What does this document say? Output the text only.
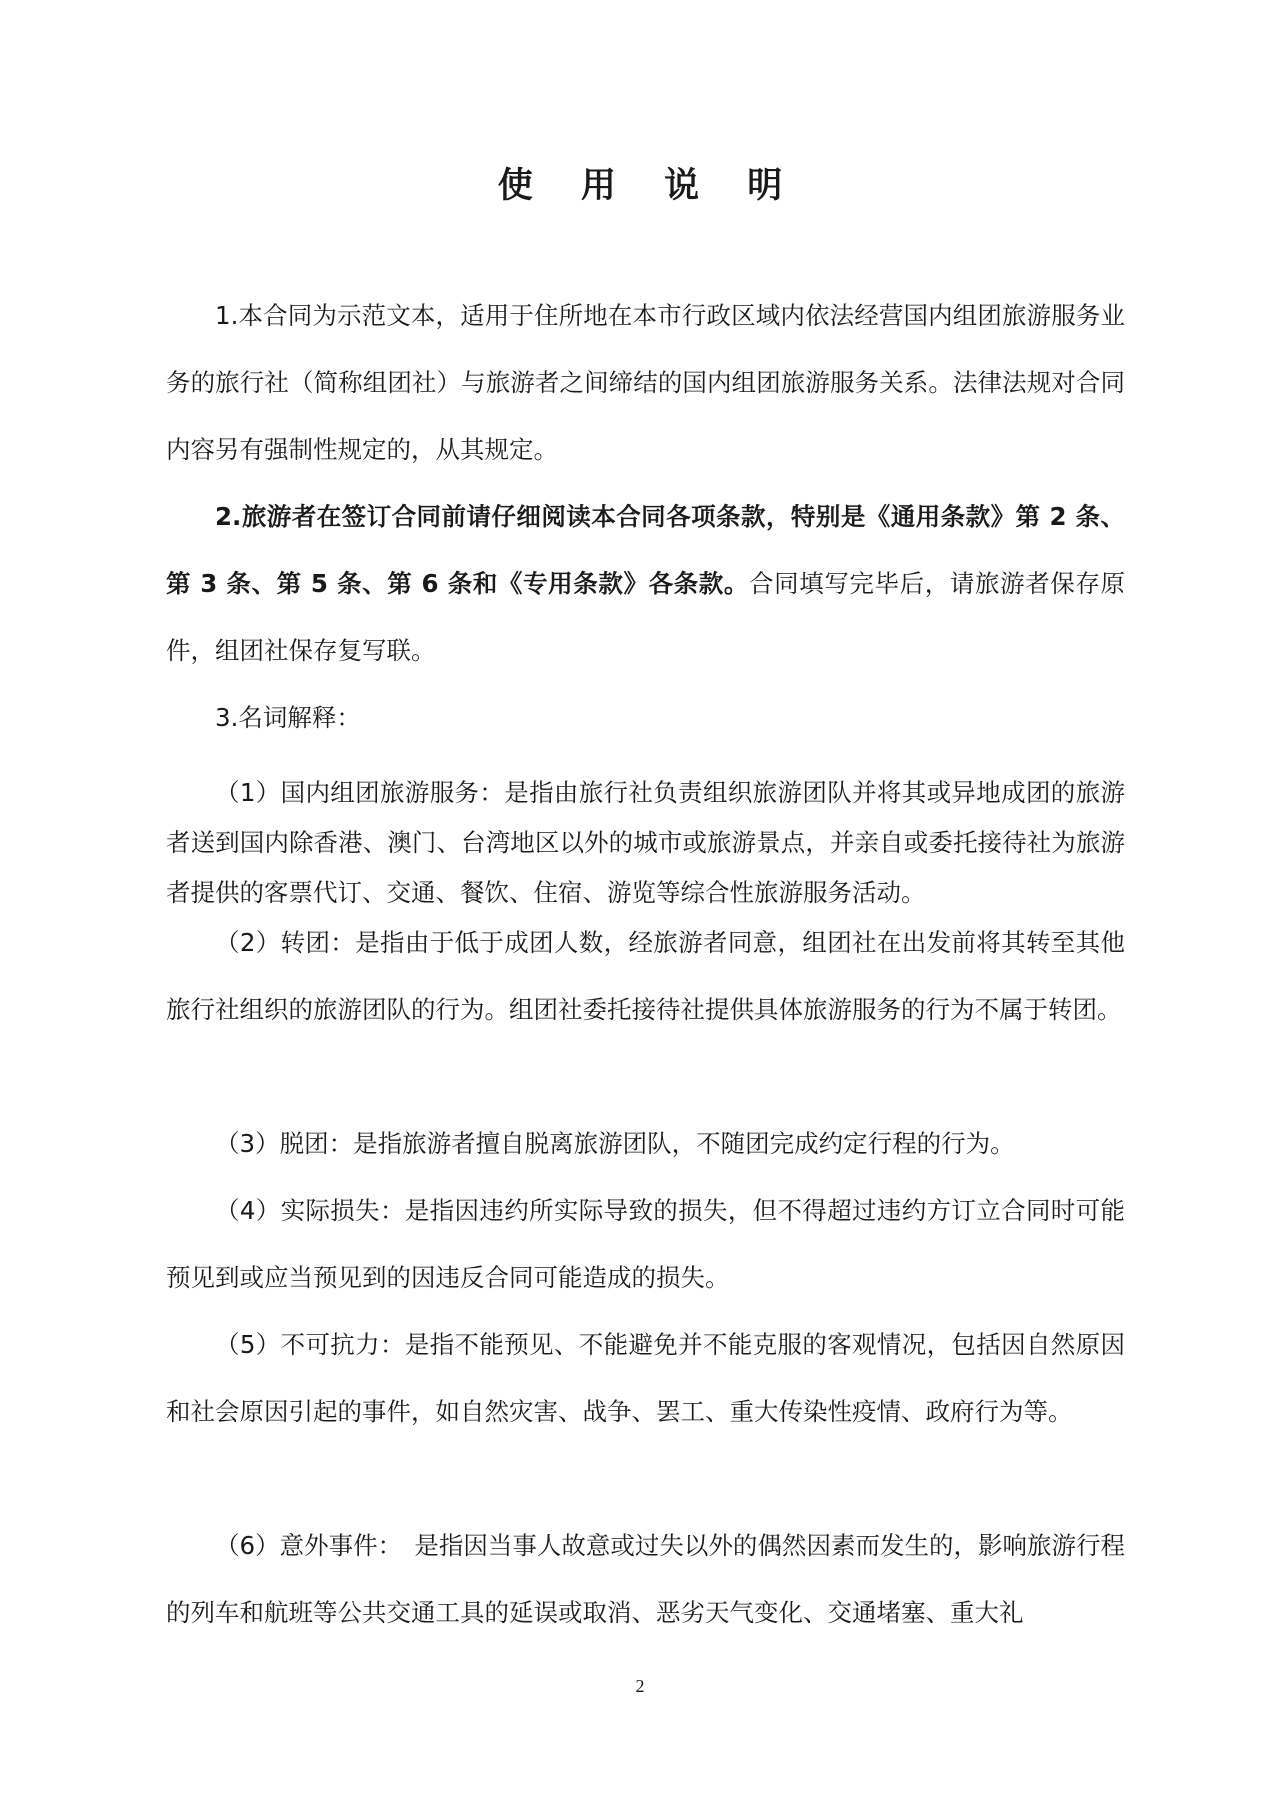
使 用 说 明

1.本合同为示范文本，适用于住所地在本市行政区域内依法经营国内组团旅游服务业务的旅行社（简称组团社）与旅游者之间缔结的国内组团旅游服务关系。法律法规对合同内容另有强制性规定的，从其规定。

2.旅游者在签订合同前请仔细阅读本合同各项条款，特别是《通用条款》第 2 条、第 3 条、第 5 条、第 6 条和《专用条款》各条款。合同填写完毕后，请旅游者保存原件，组团社保存复写联。

3.名词解释：

（1）国内组团旅游服务：是指由旅行社负责组织旅游团队并将其或异地成团的旅游者送到国内除香港、澳门、台湾地区以外的城市或旅游景点，并亲自或委托接待社为旅游者提供的客票代订、交通、餐饮、住宿、游览等综合性旅游服务活动。

（2）转团：是指由于低于成团人数，经旅游者同意，组团社在出发前将其转至其他旅行社组织的旅游团队的行为。组团社委托接待社提供具体旅游服务的行为不属于转团。

（3）脱团：是指旅游者擅自脱离旅游团队，不随团完成约定行程的行为。

（4）实际损失：是指因违约所实际导致的损失，但不得超过违约方订立合同时可能预见到或应当预见到的因违反合同可能造成的损失。

（5）不可抗力：是指不能预见、不能避免并不能克服的客观情况，包括因自然原因和社会原因引起的事件，如自然灾害、战争、罢工、重大传染性疫情、政府行为等。

（6）意外事件：　是指因当事人故意或过失以外的偶然因素而发生的，影响旅游行程的列车和航班等公共交通工具的延误或取消、恶劣天气变化、交通堵塞、重大礼

2
